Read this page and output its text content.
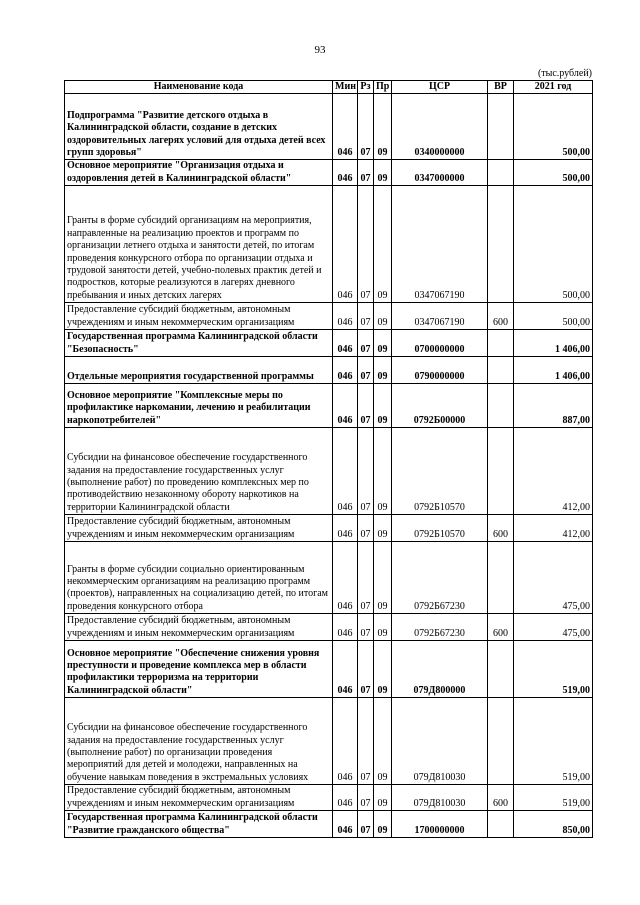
93
(тыс.рублей)
Наименование кода	Мин	Рз	Пр	ЦСР	ВР	2021 год
Подпрограмма "Развитие детского отдыха в Калининградской области, создание в детских оздоровительных лагерях условий для отдыха детей всех групп здоровья"	046	07	09	0340000000		500,00
Основное мероприятие "Организация отдыха и оздоровления детей в Калининградской области"	046	07	09	0347000000		500,00
Гранты в форме субсидий организациям на мероприятия, направленные на реализацию проектов и программ по организации летнего отдыха и занятости детей, по итогам проведения конкурсного отбора по организации отдыха и трудовой занятости детей, учебно-полевых практик детей и подростков, которые реализуются в лагерях дневного пребывания и иных детских лагерях	046	07	09	0347067190		500,00
Предоставление субсидий бюджетным, автономным учреждениям и иным некоммерческим организациям	046	07	09	0347067190	600	500,00
Государственная программа Калининградской области "Безопасность"	046	07	09	0700000000		1 406,00
Отдельные мероприятия государственной программы	046	07	09	0790000000		1 406,00
Основное мероприятие "Комплексные меры по профилактике наркомании, лечению и реабилитации наркопотребителей"	046	07	09	0792Б00000		887,00
Субсидии на финансовое обеспечение государственного задания на предоставление государственных услуг (выполнение работ) по проведению комплексных мер по противодействию незаконному обороту наркотиков на территории Калининградской области	046	07	09	0792Б10570		412,00
Предоставление субсидий бюджетным, автономным учреждениям и иным некоммерческим организациям	046	07	09	0792Б10570	600	412,00
Гранты в форме субсидии социально ориентированным некоммерческим организациям на реализацию программ (проектов), направленных на социализацию детей, по итогам проведения конкурсного отбора	046	07	09	0792Б67230		475,00
Предоставление субсидий бюджетным, автономным учреждениям и иным некоммерческим организациям	046	07	09	0792Б67230	600	475,00
Основное мероприятие "Обеспечение снижения уровня преступности и проведение комплекса мер в области профилактики терроризма на территории Калининградской области"	046	07	09	079Д800000		519,00
Субсидии на финансовое обеспечение государственного задания на предоставление государственных услуг (выполнение работ) по организации проведения мероприятий для детей и молодежи, направленных на обучение навыкам поведения в экстремальных условиях	046	07	09	079Д810030		519,00
Предоставление субсидий бюджетным, автономным учреждениям и иным некоммерческим организациям	046	07	09	079Д810030	600	519,00
Государственная программа Калининградской области "Развитие гражданского общества"	046	07	09	1700000000		850,00
